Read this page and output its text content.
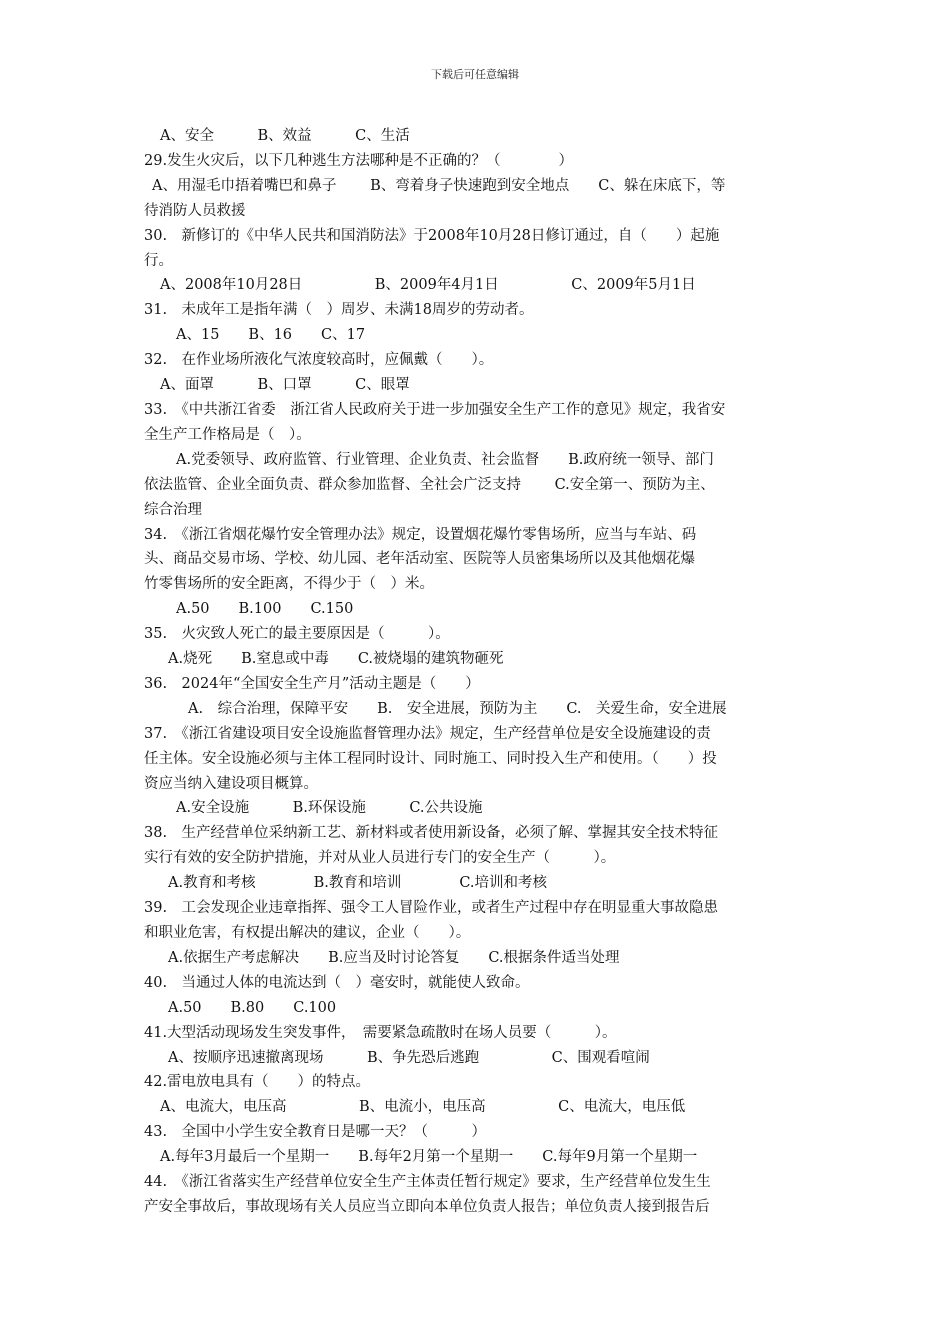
下载后可任意编辑
A、安全　　　B、效益　　　C、生活
29.发生火灾后，以下几种逃生方法哪种是不正确的？（　　　　）
A、用湿毛巾捂着嘴巴和鼻子　　 B、弯着身子快速跑到安全地点　　C、躲在床底下，等
待消防人员救援
30.　新修订的《中华人民共和国消防法》于2008年10月28日修订通过，自（　　）起施
行。
A、2008年10月28日　　　　　B、2009年4月1日　　　　　C、2009年5月1日
31.　未成年工是指年满（　）周岁、未满18周岁的劳动者。
A、15　　B、16　　C、17
32.　在作业场所液化气浓度较高时，应佩戴（　　）。
A、面罩　　　B、口罩　　　C、眼罩
33.　《中共浙江省委　浙江省人民政府关于进一步加强安全生产工作的意见》规定，我省安
全生产工作格局是（　）。
A.党委领导、政府监管、行业管理、企业负责、社会监督　　B.政府统一领导、部门
依法监管、企业全面负责、群众参加监督、全社会广泛支持　　 C.安全第一、预防为主、
综合治理
34.　《浙江省烟花爆竹安全管理办法》规定，设置烟花爆竹零售场所，应当与车站、码
头、商品交易市场、学校、幼儿园、老年活动室、医院等人员密集场所以及其他烟花爆
竹零售场所的安全距离，不得少于（　）米。
A.50　　B.100　　C.150
35.　火灾致人死亡的最主要原因是（　　　）。
A.烧死　　B.窒息或中毒　　C.被烧塌的建筑物砸死
36.　2024年“全国安全生产月”活动主题是（　　）
A.　综合治理，保障平安　　B.　安全进展，预防为主　　C.　关爱生命，安全进展
37.　《浙江省建设项目安全设施监督管理办法》规定，生产经营单位是安全设施建设的责
任主体。安全设施必须与主体工程同时设计、同时施工、同时投入生产和使用。（　　）投
资应当纳入建设项目概算。
A.安全设施　　　B.环保设施　　　C.公共设施
38.　生产经营单位采纳新工艺、新材料或者使用新设备，必须了解、掌握其安全技术特征
实行有效的安全防护措施，并对从业人员进行专门的安全生产（　　　）。
A.教育和考核　　　　B.教育和培训　　　　C.培训和考核
39.　工会发现企业违章指挥、强令工人冒险作业，或者生产过程中存在明显重大事故隐患
和职业危害，有权提出解决的建议，企业（　　）。
A.依据生产考虑解决　　B.应当及时讨论答复　　C.根据条件适当处理
40.　当通过人体的电流达到（　）毫安时，就能使人致命。
A.50　　B.80　　C.100
41.大型活动现场发生突发事件，　需要紧急疏散时在场人员要（　　　）。
A、按顺序迅速撤离现场　　　B、争先恐后逃跑　　　　　C、围观看喧闹
42.雷电放电具有（　　）的特点。
A、电流大，电压高　　　　　B、电流小，电压高　　　　　C、电流大，电压低
43.　全国中小学生安全教育日是哪一天？（　　　）
A.每年3月最后一个星期一　　B.每年2月第一个星期一　　C.每年9月第一个星期一
44.　《浙江省落实生产经营单位安全生产主体责任暂行规定》要求，生产经营单位发生生
产安全事故后，事故现场有关人员应当立即向本单位负责人报告；单位负责人接到报告后
